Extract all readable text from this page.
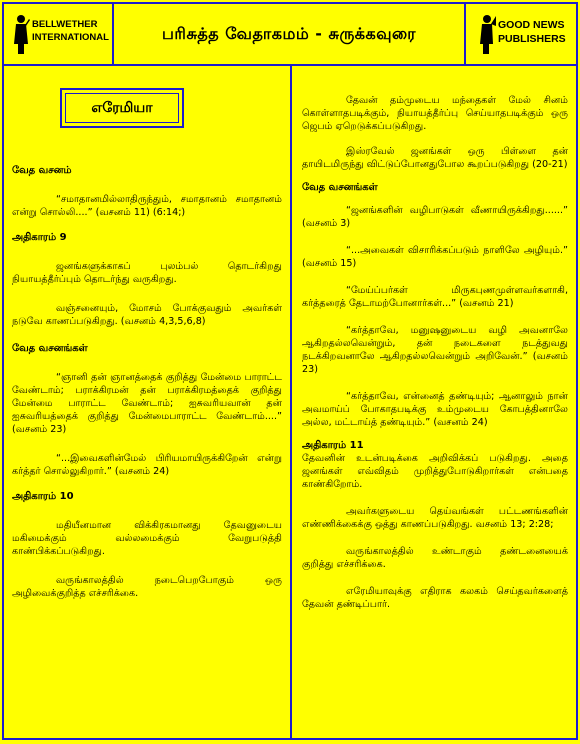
BELLWETHER
INTERNATIONAL	பரிசுத்த வேதாகமம் - சுருக்கவுரை	GOOD NEWS
PUBLISHERS
எரேமியா

வேத வசனம்

“சமாதானமில்லாதிருந்தும், சமாதானம் சமாதானம் என்று சொல்லி....” (வசனம் 11) (6:14;)

அதிகாரம் 9

ஜனங்களுக்காகப் புலம்பல் தொடர்கிறது நியாயத்தீர்ப்பும் தொடர்ந்து வருகிறது.

வஞ்சனையும், மோசம் போக்குவதும் அவர்கள் நடுவே காணப்படுகிறது. (வசனம் 4,3,5,6,8)

வேத வசனங்கள்

“ஞானி தன் ஞானத்தைக் குறித்து மேன்மை பாராட்ட வேண்டாம்; பராக்கிரமன் தன் பராக்கிரமத்தைக் குறித்து மேன்மை பாராட்ட வேண்டாம்; ஐசுவரியவான் தன் ஐசுவரியத்தைக் குறித்து மேன்மைபாராட்ட வேண்டாம்....” (வசனம் 23)

“...இவைகளின்மேல் பிரியமாயிருக்கிறேன் என்று கர்த்தர் சொல்லுகிறார்.” (வசனம் 24)

அதிகாரம் 10

மதியீனமான விக்கிரகமானது தேவனுடைய மகிமைக்கும் வல்லமைக்கும் வேறுபடுத்தி காண்பிக்கப்படுகிறது.

வருங்காலத்தில் நடைபெறபோகும் ஒரு அழிவைக்குறித்த எச்சரிக்கை.

தேவன் தம்முடைய மந்தைகள் மேல் சினம் கொள்ளாதபடிக்கும், நியாயத்தீர்ப்பு செய்யாதபடிக்கும் ஒரு ஜெபம் ஏறெடுக்கப்படுகிறது.

இஸ்ரவேல் ஜனங்கள் ஒரு பிள்ளை தன் தாயிடமிருந்து விட்டுப்போனதுபோல கூறப்படுகிறது (20-21)

வேத வசனங்கள்

“ஜனங்களின் வழிபாடுகள் வீணாயிருக்கிறது......” (வசனம் 3)

“...அவைகள் விசாரிக்கப்படும் நாளிலே அழியும்.” (வசனம் 15)

“மேய்ப்பர்கள் மிருகபுணமுள்ளவர்களாகி, கர்த்தரைத் தேடாமற்போனார்கள்...” (வசனம் 21)

“கர்த்தாவே, மனுஷனுடைய வழி அவனாலே ஆகிறதல்லவென்றும், தன் நடைகளை நடத்துவது நடக்கிறவனாலே ஆகிறதல்லவென்றும் அறிவேன்.” (வசனம் 23)

“கர்த்தாவே, என்னைத் தண்டியும்; ஆனாலும் நான் அவமாய்ப் போகாதபடிக்கு உம்முடைய கோபத்தினாலே அல்ல, மட்டாய்த் தண்டியும்.” (வசனம் 24)

அதிகாரம் 11

தேவனின் உடன்படிக்கை அறிவிக்கப் படுகிறது. அதை ஜனங்கள் எவ்விதம் முறித்துபோடுகிறார்கள் என்பதை காண்கிறோம்.

அவர்களுடைய தெய்வங்கள் பட்டணங்களின் எண்ணிக்கைக்கு ஒத்து காணப்படுகிறது. வசனம் 13; 2:28;

வருங்காலத்தில் உண்டாகும் தண்டனையைக் குறித்து எச்சரிக்கை.

எரேமியாவுக்கு எதிராக கலகம் செய்தவர்களைத் தேவன் தண்டிப்பார்.
